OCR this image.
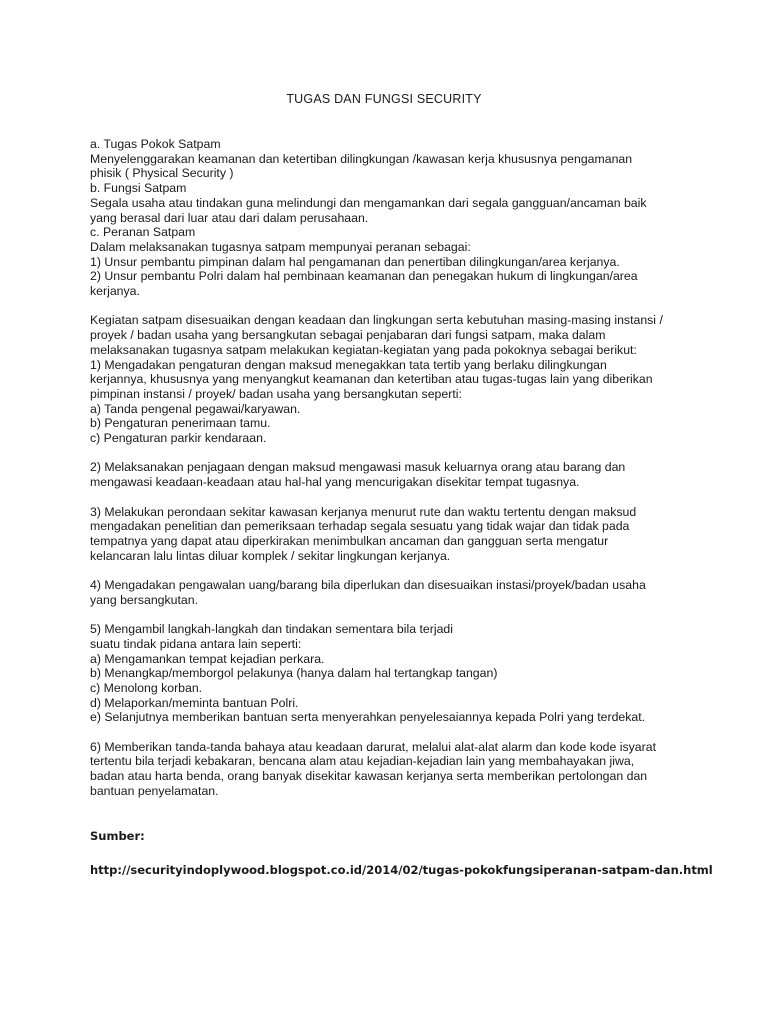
TUGAS DAN FUNGSI SECURITY
a. Tugas Pokok Satpam
Menyelenggarakan keamanan dan ketertiban dilingkungan /kawasan kerja khususnya pengamanan
phisik ( Physical Security )
b. Fungsi Satpam
Segala usaha atau tindakan guna melindungi dan mengamankan dari segala gangguan/ancaman baik
yang berasal dari luar atau dari dalam perusahaan.
c. Peranan Satpam
Dalam melaksanakan tugasnya satpam mempunyai peranan sebagai:
1) Unsur pembantu pimpinan dalam hal pengamanan dan penertiban dilingkungan/area kerjanya.
2) Unsur pembantu Polri dalam hal pembinaan keamanan dan penegakan hukum di lingkungan/area
kerjanya.
Kegiatan satpam disesuaikan dengan keadaan dan lingkungan serta kebutuhan masing-masing instansi /
proyek / badan usaha yang bersangkutan sebagai penjabaran dari fungsi satpam, maka dalam
melaksanakan tugasnya satpam melakukan kegiatan-kegiatan yang pada pokoknya sebagai berikut:
1) Mengadakan pengaturan dengan maksud menegakkan tata tertib yang berlaku dilingkungan
kerjannya, khususnya yang menyangkut keamanan dan ketertiban atau tugas-tugas lain yang diberikan
pimpinan instansi / proyek/ badan usaha yang bersangkutan seperti:
a) Tanda pengenal pegawai/karyawan.
b) Pengaturan penerimaan tamu.
c) Pengaturan parkir kendaraan.
2) Melaksanakan penjagaan dengan maksud mengawasi masuk keluarnya orang atau barang dan
mengawasi keadaan-keadaan atau hal-hal yang mencurigakan disekitar tempat tugasnya.
3) Melakukan perondaan sekitar kawasan kerjanya menurut rute dan waktu tertentu dengan maksud
mengadakan penelitian dan pemeriksaan terhadap segala sesuatu yang tidak wajar dan tidak pada
tempatnya yang dapat atau diperkirakan menimbulkan ancaman dan gangguan serta mengatur
kelancaran lalu lintas diluar komplek / sekitar lingkungan kerjanya.
4) Mengadakan pengawalan uang/barang bila diperlukan dan disesuaikan instasi/proyek/badan usaha
yang bersangkutan.
5) Mengambil langkah-langkah dan tindakan sementara bila terjadi
suatu tindak pidana antara lain seperti:
a) Mengamankan tempat kejadian perkara.
b) Menangkap/memborgol pelakunya (hanya dalam hal tertangkap tangan)
c) Menolong korban.
d) Melaporkan/meminta bantuan Polri.
e) Selanjutnya memberikan bantuan serta menyerahkan penyelesaiannya kepada Polri yang terdekat.
6) Memberikan tanda-tanda bahaya atau keadaan darurat, melalui alat-alat alarm dan kode kode isyarat
tertentu bila terjadi kebakaran, bencana alam atau kejadian-kejadian lain yang membahayakan jiwa,
badan atau harta benda, orang banyak disekitar kawasan kerjanya serta memberikan pertolongan dan
bantuan penyelamatan.
Sumber:
http://securityindoplywood.blogspot.co.id/2014/02/tugas-pokokfungsiperanan-satpam-dan.html
